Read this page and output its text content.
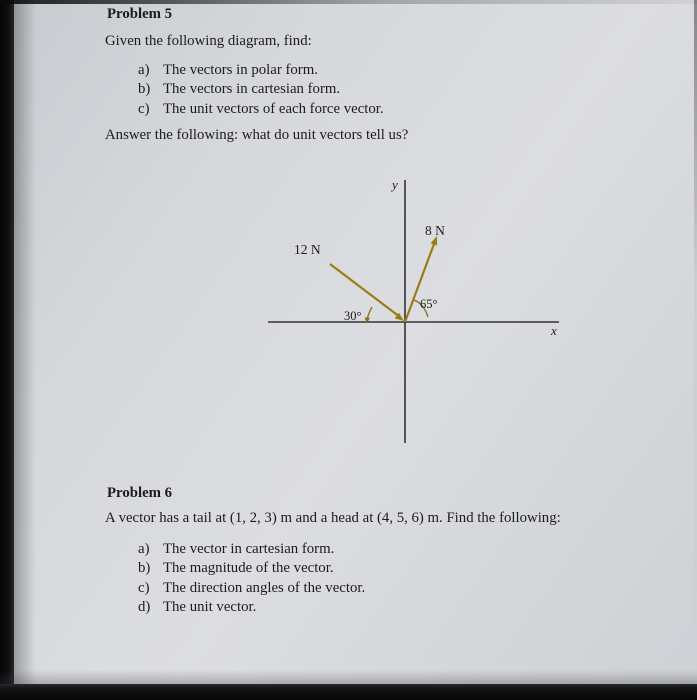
Problem 5
Given the following diagram, find:
a) The vectors in polar form.
b) The vectors in cartesian form.
c) The unit vectors of each force vector.
Answer the following: what do unit vectors tell us?
y
x
12 N
8 N
30°
65°
Problem 6
A vector has a tail at (1, 2, 3) m and a head at (4, 5, 6) m. Find the following:
a) The vector in cartesian form.
b) The magnitude of the vector.
c) The direction angles of the vector.
d) The unit vector.
